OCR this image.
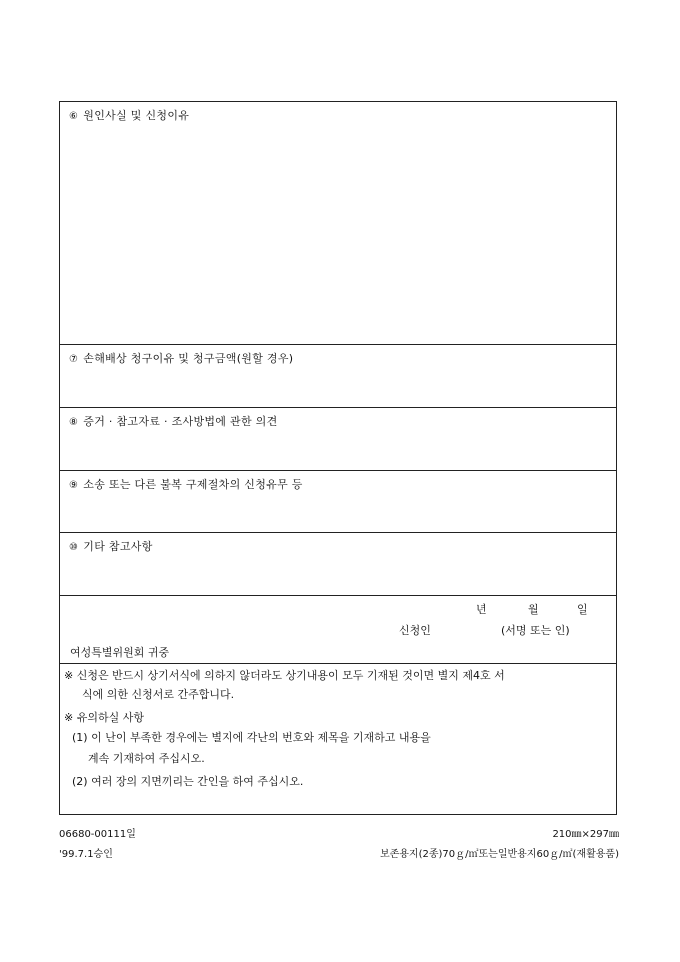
⑥ 원인사실 및 신청이유
⑦ 손해배상 청구이유 및 청구금액(원할 경우)
⑧ 증거 · 참고자료 · 조사방법에 관한 의견
⑨ 소송 또는 다른 불복 구제절차의 신청유무 등
⑩ 기타 참고사항
년	월	일
신청인	(서명 또는 인)
여성특별위원회 귀중
※ 신청은 반드시 상기서식에 의하지 않더라도 상기내용이 모두 기재된 것이면 별지 제4호 서
식에 의한 신청서로 간주합니다.
※ 유의하실 사항
(1) 이 난이 부족한 경우에는 별지에 각난의 번호와 제목을 기재하고 내용을
계속 기재하여 주십시오.
(2) 여러 장의 지면끼리는 간인을 하여 주십시오.
06680-00111일
'99.7.1승인
210㎜×297㎜
보존용지(2종)70ｇ/㎡또는일반용지60ｇ/㎡(재활용품)
